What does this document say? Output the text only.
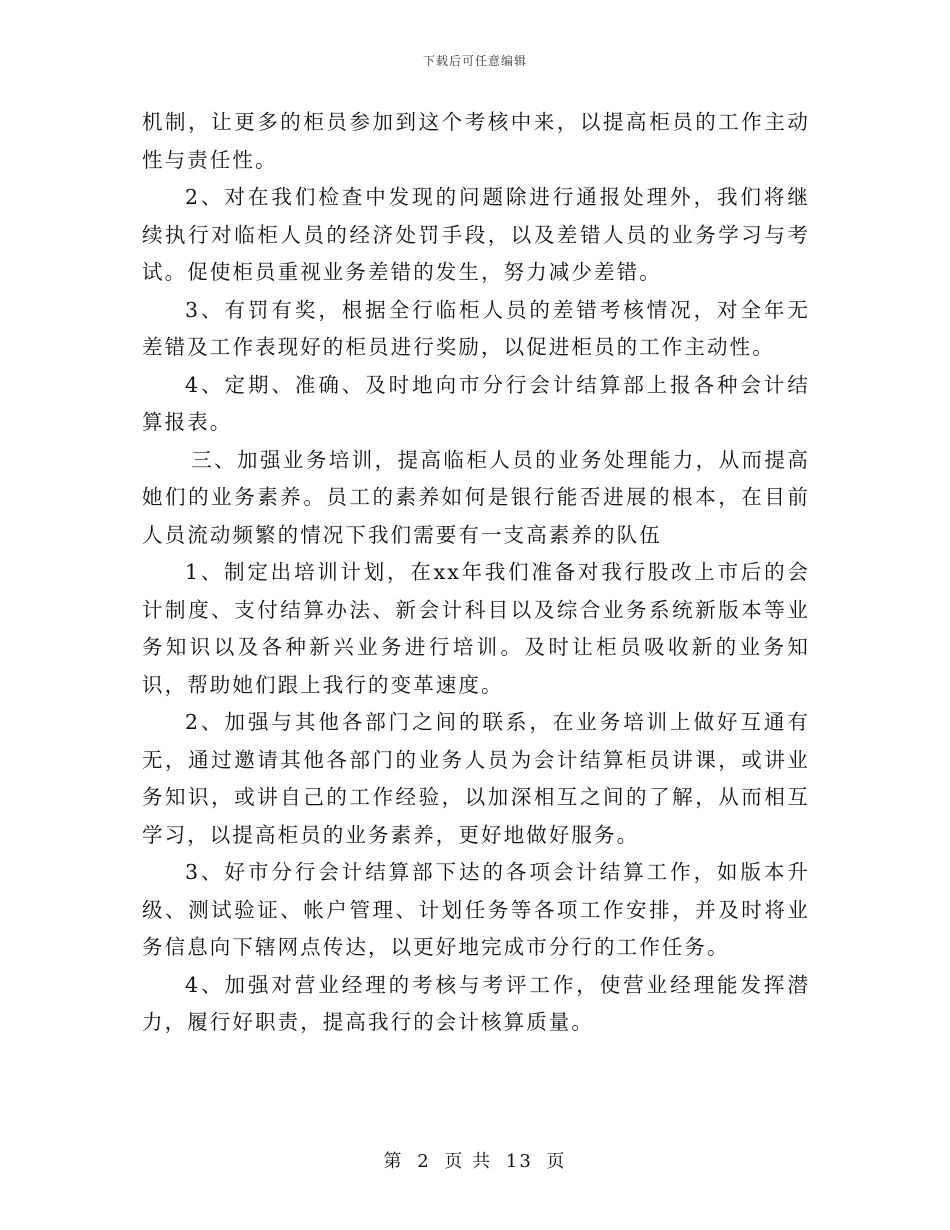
下载后可任意编辑

机制，让更多的柜员参加到这个考核中来，以提高柜员的工作主动性与责任性。

2、对在我们检查中发现的问题除进行通报处理外，我们将继续执行对临柜人员的经济处罚手段，以及差错人员的业务学习与考试。促使柜员重视业务差错的发生，努力减少差错。

3、有罚有奖，根据全行临柜人员的差错考核情况，对全年无差错及工作表现好的柜员进行奖励，以促进柜员的工作主动性。

4、定期、准确、及时地向市分行会计结算部上报各种会计结算报表。

三、加强业务培训，提高临柜人员的业务处理能力，从而提高她们的业务素养。员工的素养如何是银行能否进展的根本，在目前人员流动频繁的情况下我们需要有一支高素养的队伍

1、制定出培训计划，在xx年我们准备对我行股改上市后的会计制度、支付结算办法、新会计科目以及综合业务系统新版本等业务知识以及各种新兴业务进行培训。及时让柜员吸收新的业务知识，帮助她们跟上我行的变革速度。

2、加强与其他各部门之间的联系，在业务培训上做好互通有无，通过邀请其他各部门的业务人员为会计结算柜员讲课，或讲业务知识，或讲自己的工作经验，以加深相互之间的了解，从而相互学习，以提高柜员的业务素养，更好地做好服务。

3、好市分行会计结算部下达的各项会计结算工作，如版本升级、测试验证、帐户管理、计划任务等各项工作安排，并及时将业务信息向下辖网点传达，以更好地完成市分行的工作任务。

4、加强对营业经理的考核与考评工作，使营业经理能发挥潜力，履行好职责，提高我行的会计核算质量。

第 2 页 共 13 页
